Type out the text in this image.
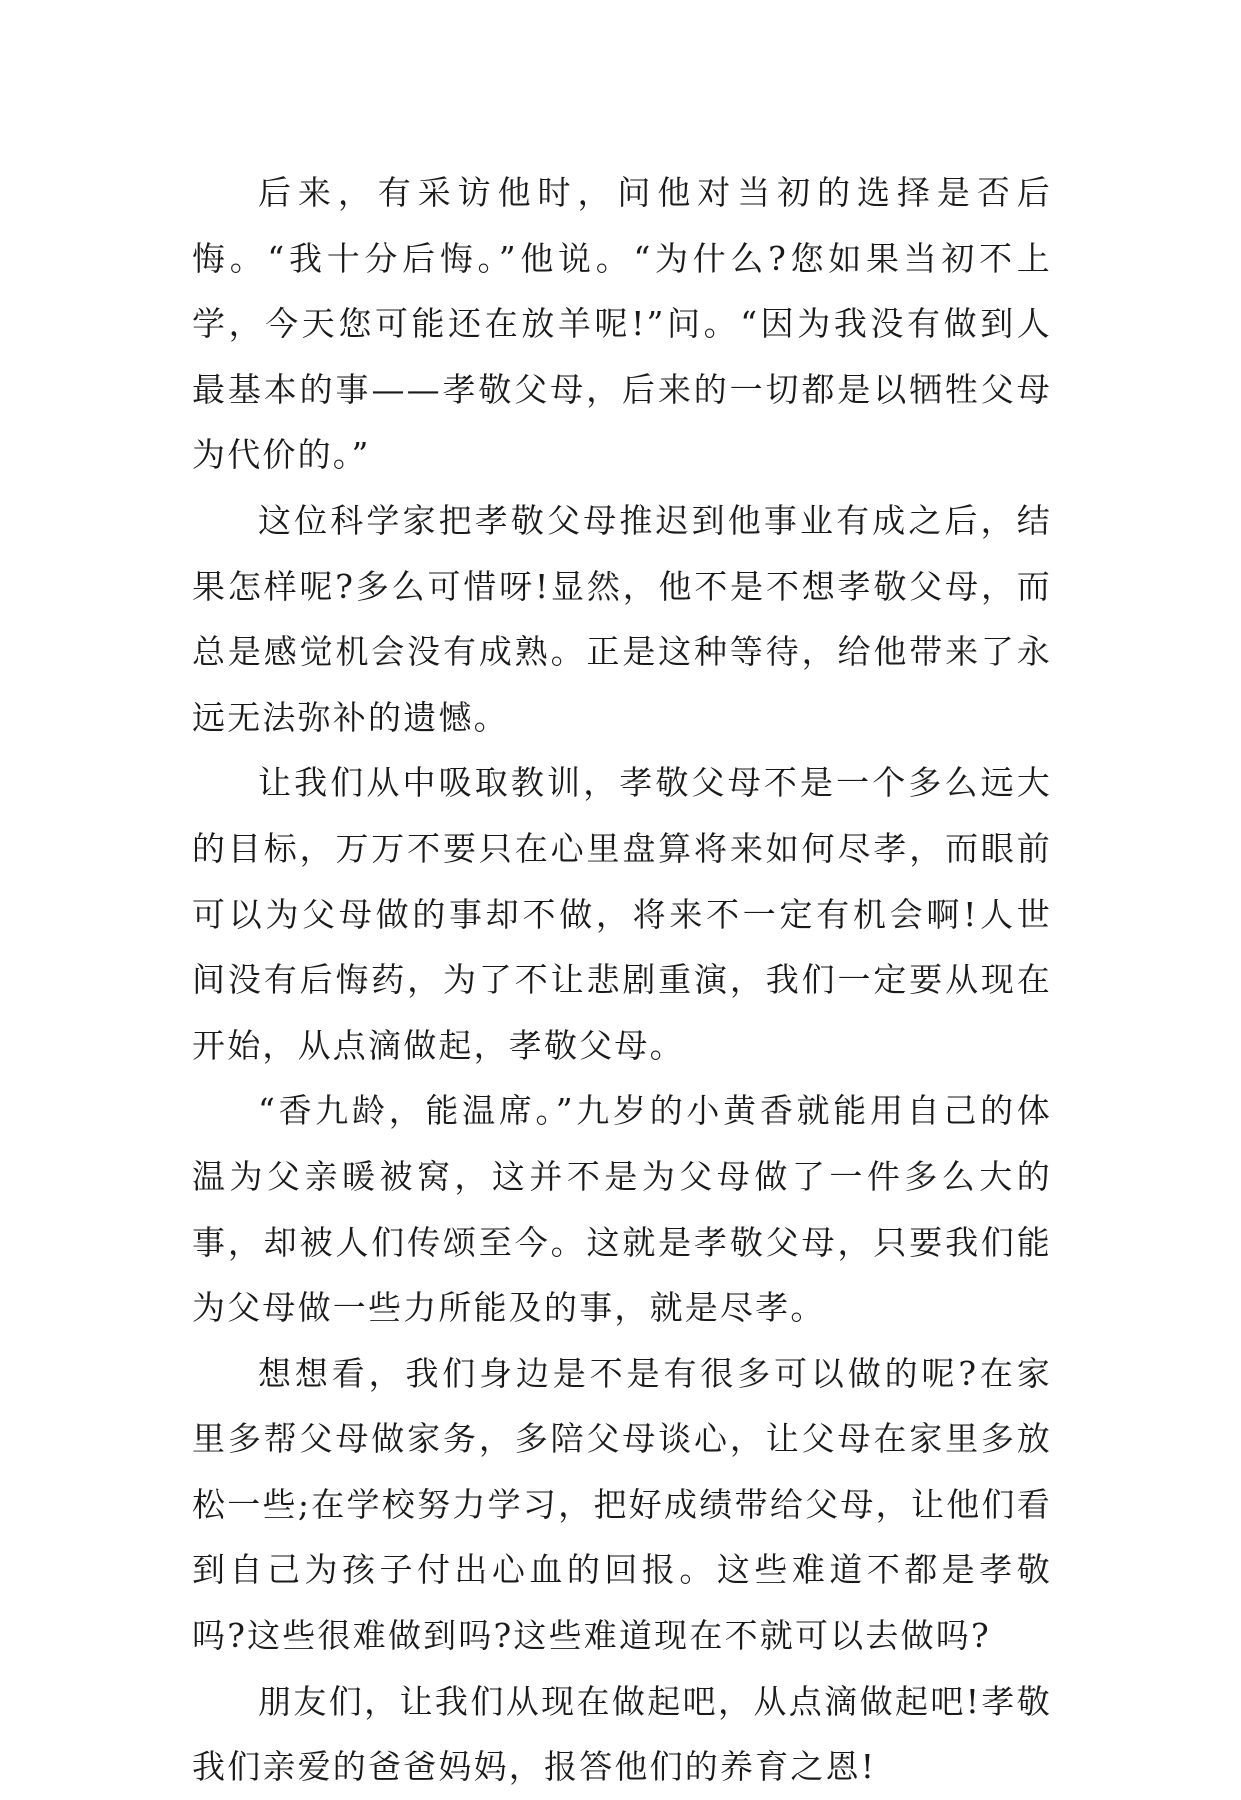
后来，有采访他时，问他对当初的选择是否后悔。“我十分后悔。”他说。“为什么?您如果当初不上学，今天您可能还在放羊呢!”问。“因为我没有做到人最基本的事——孝敬父母，后来的一切都是以牺牲父母为代价的。”

这位科学家把孝敬父母推迟到他事业有成之后，结果怎样呢?多么可惜呀!显然，他不是不想孝敬父母，而总是感觉机会没有成熟。正是这种等待，给他带来了永远无法弥补的遗憾。

让我们从中吸取教训，孝敬父母不是一个多么远大的目标，万万不要只在心里盘算将来如何尽孝，而眼前可以为父母做的事却不做，将来不一定有机会啊!人世间没有后悔药，为了不让悲剧重演，我们一定要从现在开始，从点滴做起，孝敬父母。

“香九龄，能温席。”九岁的小黄香就能用自己的体温为父亲暖被窝，这并不是为父母做了一件多么大的事，却被人们传颂至今。这就是孝敬父母，只要我们能为父母做一些力所能及的事，就是尽孝。

想想看，我们身边是不是有很多可以做的呢?在家里多帮父母做家务，多陪父母谈心，让父母在家里多放松一些;在学校努力学习，把好成绩带给父母，让他们看到自己为孩子付出心血的回报。这些难道不都是孝敬吗?这些很难做到吗?这些难道现在不就可以去做吗?

朋友们，让我们从现在做起吧，从点滴做起吧!孝敬我们亲爱的爸爸妈妈，报答他们的养育之恩!
